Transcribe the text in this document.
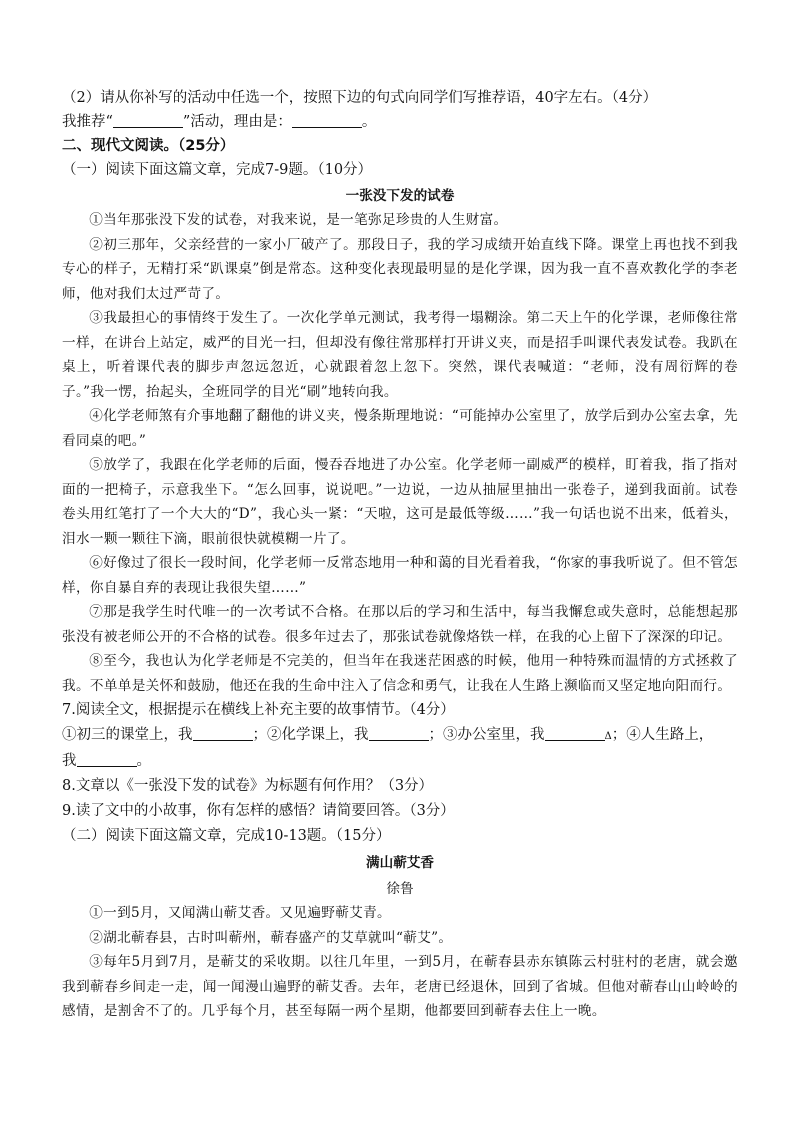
（2）请从你补写的活动中任选一个，按照下边的句式向同学们写推荐语，40字左右。（4分）
我推荐“	”活动，理由是：	。
二、现代文阅读。（25分）
（一）阅读下面这篇文章，完成7-9题。（10分）
一张没下发的试卷
①当年那张没下发的试卷，对我来说，是一笔弥足珍贵的人生财富。
②初三那年，父亲经营的一家小厂破产了。那段日子，我的学习成绩开始直线下降。课堂上再也找不到我专心的样子，无精打采“趴课桌”倒是常态。这种变化表现最明显的是化学课，因为我一直不喜欢教化学的李老师，他对我们太过严苛了。
③我最担心的事情终于发生了。一次化学单元测试，我考得一塌糊涂。第二天上午的化学课，老师像往常一样，在讲台上站定，威严的目光一扫，但却没有像往常那样打开讲义夹，而是招手叫课代表发试卷。我趴在桌上，听着课代表的脚步声忽远忽近，心就跟着忽上忽下。突然，课代表喊道：“老师，没有周衍辉的卷子。”我一愣，抬起头，全班同学的目光“刷”地转向我。
④化学老师煞有介事地翻了翻他的讲义夹，慢条斯理地说：“可能掉办公室里了，放学后到办公室去拿，先看同桌的吧。”
⑤放学了，我跟在化学老师的后面，慢吞吞地进了办公室。化学老师一副威严的模样，盯着我，指了指对面的一把椅子，示意我坐下。“怎么回事，说说吧。”一边说，一边从抽屉里抽出一张卷子，递到我面前。试卷卷头用红笔打了一个大大的“D”，我心头一紧：“天啦，这可是最低等级……”我一句话也说不出来，低着头，泪水一颗一颗往下滴，眼前很快就模糊一片了。
⑥好像过了很长一段时间，化学老师一反常态地用一种和蔼的目光看着我，“你家的事我听说了。但不管怎样，你自暴自弃的表现让我很失望……”
⑦那是我学生时代唯一的一次考试不合格。在那以后的学习和生活中，每当我懈怠或失意时，总能想起那张没有被老师公开的不合格的试卷。很多年过去了，那张试卷就像烙铁一样，在我的心上留下了深深的印记。
⑧至今，我也认为化学老师是不完美的，但当年在我迷茫困惑的时候，他用一种特殊而温情的方式拯救了我。不单单是关怀和鼓励，他还在我的生命中注入了信念和勇气，让我在人生路上濒临而又坚定地向阳而行。
7.阅读全文，根据提示在横线上补充主要的故事情节。（4分）
①初三的课堂上，我	；②化学课上，我	；③办公室里，我	Δ；④人生路上，
我	。
8.文章以《一张没下发的试卷》为标题有何作用？（3分）
9.读了文中的小故事，你有怎样的感悟？请简要回答。（3分）
（二）阅读下面这篇文章，完成10-13题。（15分）
满山蕲艾香
徐鲁
①一到5月，又闻满山蕲艾香。又见遍野蕲艾青。
②湖北蕲春县，古时叫蕲州，蕲春盛产的艾草就叫“蕲艾”。
③每年5月到7月，是蕲艾的采收期。以往几年里，一到5月，在蕲春县赤东镇陈云村驻村的老唐，就会邀我到蕲春乡间走一走，闻一闻漫山遍野的蕲艾香。去年，老唐已经退休，回到了省城。但他对蕲春山山岭岭的感情，是割舍不了的。几乎每个月，甚至每隔一两个星期，他都要回到蕲春去住上一晚。
